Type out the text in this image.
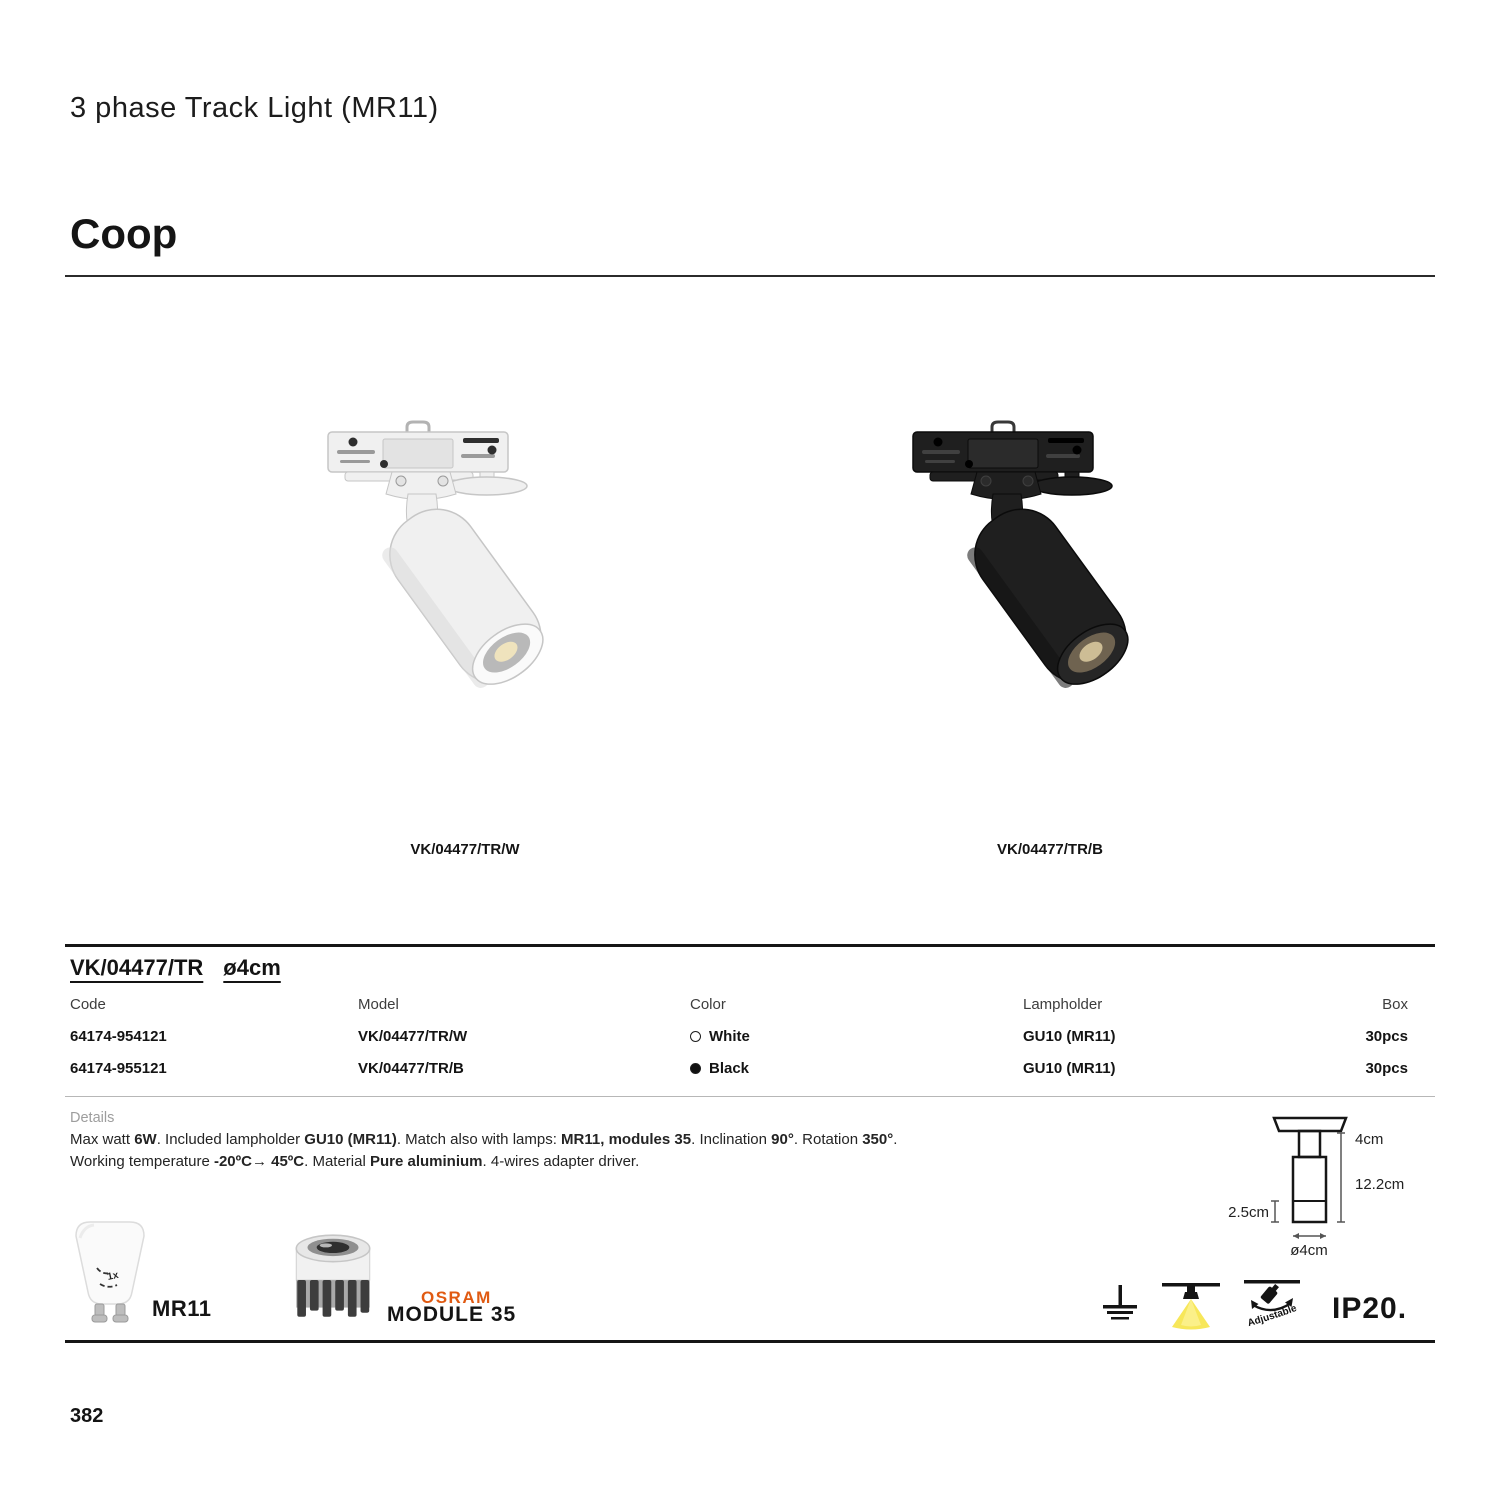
3 phase Track Light (MR11)
Coop
VK/04477/TR/W	VK/04477/TR/B
VK/04477/TR ø4cm
Code	Model	Color	Lampholder	Box
64174-954121	VK/04477/TR/W	White	GU10 (MR11)	30pcs
64174-955121	VK/04477/TR/B	Black	GU10 (MR11)	30pcs
Details
Max watt 6W. Included lampholder GU10 (MR11). Match also with lamps: MR11, modules 35. Inclination 90°. Rotation 350°.
Working temperature -20ºC→ 45ºC. Material Pure aluminium. 4-wires adapter driver.
4cm
12.2cm
2.5cm
ø4cm
1x
MR11	OSRAM
MODULE 35	Adjustable IP20.
382
